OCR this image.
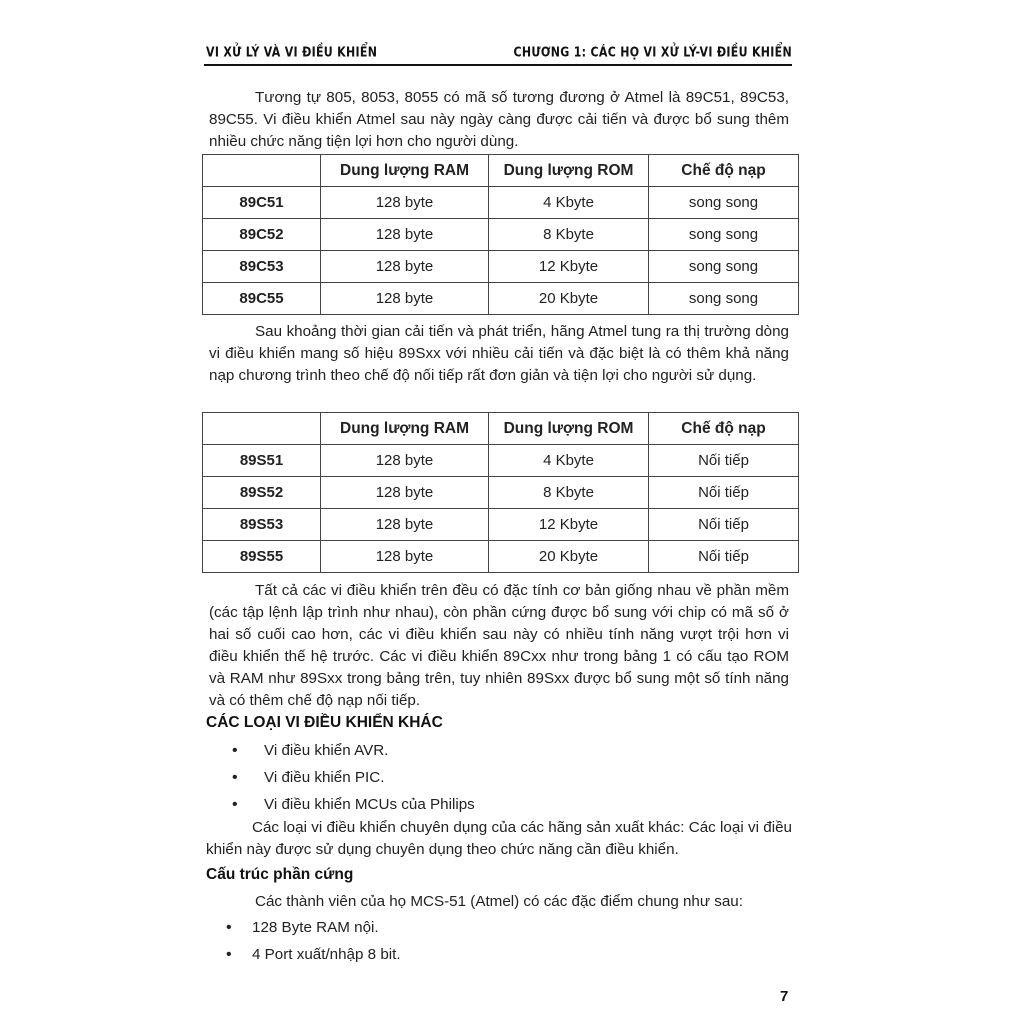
VI XỬ LÝ VÀ VI ĐIỀU KHIỂN	CHƯƠNG 1: CÁC HỌ VI XỬ LÝ-VI ĐIỀU KHIỂN

Tương tự 805, 8053, 8055 có mã số tương đương ở Atmel là 89C51, 89C53, 89C55. Vi điều khiển Atmel sau này ngày càng được cải tiến và được bổ sung thêm nhiều chức năng tiện lợi hơn cho người dùng.

	Dung lượng RAM	Dung lượng ROM	Chế độ nạp
89C51	128 byte	4 Kbyte	song song
89C52	128 byte	8 Kbyte	song song
89C53	128 byte	12 Kbyte	song song
89C55	128 byte	20 Kbyte	song song

Sau khoảng thời gian cải tiến và phát triển, hãng Atmel tung ra thị trường dòng vi điều khiển mang số hiệu 89Sxx với nhiều cải tiến và đặc biệt là có thêm khả năng nạp chương trình theo chế độ nối tiếp rất đơn giản và tiện lợi cho người sử dụng.

	Dung lượng RAM	Dung lượng ROM	Chế độ nạp
89S51	128 byte	4 Kbyte	Nối tiếp
89S52	128 byte	8 Kbyte	Nối tiếp
89S53	128 byte	12 Kbyte	Nối tiếp
89S55	128 byte	20 Kbyte	Nối tiếp

Tất cả các vi điều khiển trên đều có đặc tính cơ bản giống nhau về phần mềm (các tập lệnh lập trình như nhau), còn phần cứng được bổ sung với chip có mã số ở hai số cuối cao hơn, các vi điều khiển sau này có nhiều tính năng vượt trội hơn vi điều khiển thế hệ trước. Các vi điều khiển 89Cxx như trong bảng 1 có cấu tạo ROM và RAM như 89Sxx trong bảng trên, tuy nhiên 89Sxx được bổ sung một số tính năng và có thêm chế độ nạp nối tiếp.

CÁC LOẠI VI ĐIỀU KHIỂN KHÁC
• Vi điều khiển AVR.
• Vi điều khiển PIC.
• Vi điều khiển MCUs của Philips

Các loại vi điều khiển chuyên dụng của các hãng sản xuất khác: Các loại vi điều khiển này được sử dụng chuyên dụng theo chức năng cần điều khiển.

Cấu trúc phần cứng

Các thành viên của họ MCS-51 (Atmel) có các đặc điểm chung như sau:

• 128 Byte RAM nội.
• 4 Port xuất/nhập 8 bit.
7
